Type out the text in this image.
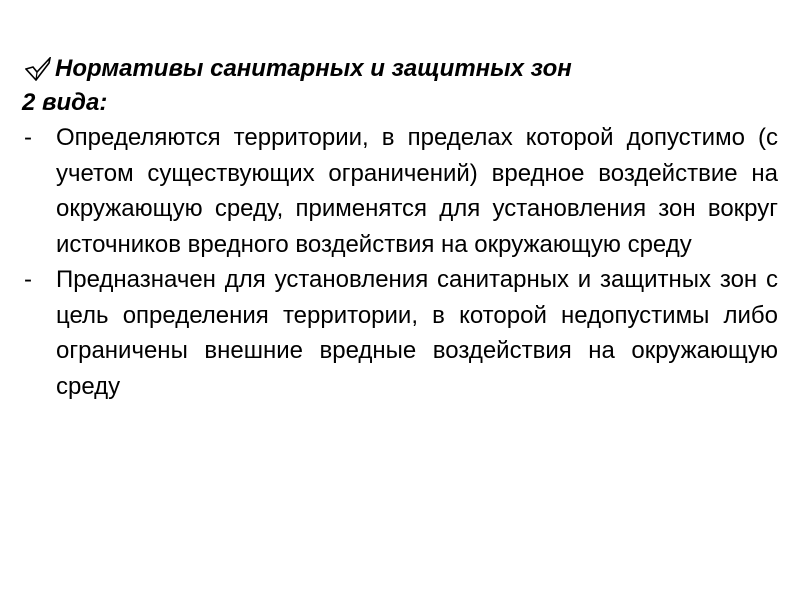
Нормативы санитарных и защитных зон
2 вида:
- Определяются территории, в пределах которой допустимо (с учетом существующих ограничений) вредное воздействие на окружающую среду, применятся для установления зон вокруг источников вредного воздействия на окружающую среду
- Предназначен для установления санитарных и защитных зон с цель определения территории, в которой недопустимы либо ограничены внешние вредные воздействия на окружающую среду
